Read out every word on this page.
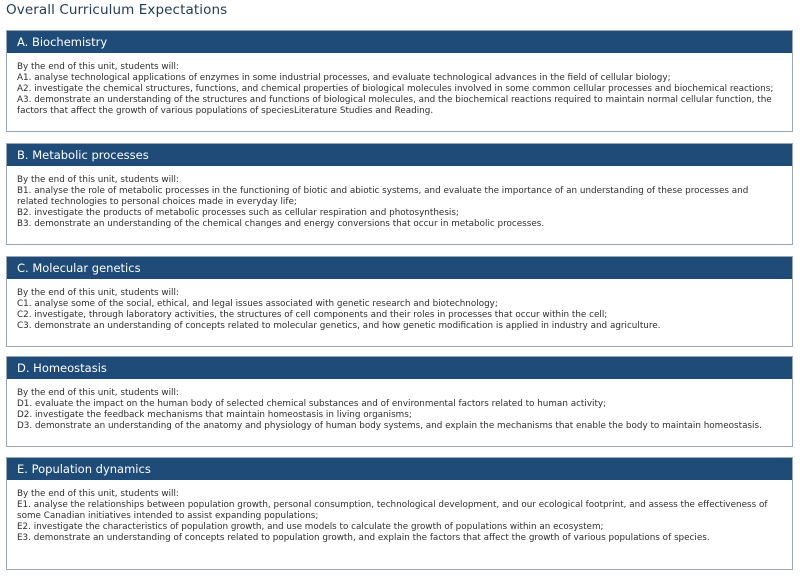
Overall Curriculum Expectations
A. Biochemistry
By the end of this unit, students will:
A1. analyse technological applications of enzymes in some industrial processes, and evaluate technological advances in the field of cellular biology;
A2. investigate the chemical structures, functions, and chemical properties of biological molecules involved in some common cellular processes and biochemical reactions;
A3. demonstrate an understanding of the structures and functions of biological molecules, and the biochemical reactions required to maintain normal cellular function, the factors that affect the growth of various populations of speciesLiterature Studies and Reading.
B. Metabolic processes
By the end of this unit, students will:
B1. analyse the role of metabolic processes in the functioning of biotic and abiotic systems, and evaluate the importance of an understanding of these processes and related technologies to personal choices made in everyday life;
B2. investigate the products of metabolic processes such as cellular respiration and photosynthesis;
B3. demonstrate an understanding of the chemical changes and energy conversions that occur in metabolic processes.
C. Molecular genetics
By the end of this unit, students will:
C1. analyse some of the social, ethical, and legal issues associated with genetic research and biotechnology;
C2. investigate, through laboratory activities, the structures of cell components and their roles in processes that occur within the cell;
C3. demonstrate an understanding of concepts related to molecular genetics, and how genetic modification is applied in industry and agriculture.
D. Homeostasis
By the end of this unit, students will:
D1. evaluate the impact on the human body of selected chemical substances and of environmental factors related to human activity;
D2. investigate the feedback mechanisms that maintain homeostasis in living organisms;
D3. demonstrate an understanding of the anatomy and physiology of human body systems, and explain the mechanisms that enable the body to maintain homeostasis.
E. Population dynamics
By the end of this unit, students will:
E1. analyse the relationships between population growth, personal consumption, technological development, and our ecological footprint, and assess the effectiveness of some Canadian initiatives intended to assist expanding populations;
E2. investigate the characteristics of population growth, and use models to calculate the growth of populations within an ecosystem;
E3. demonstrate an understanding of concepts related to population growth, and explain the factors that affect the growth of various populations of species.
